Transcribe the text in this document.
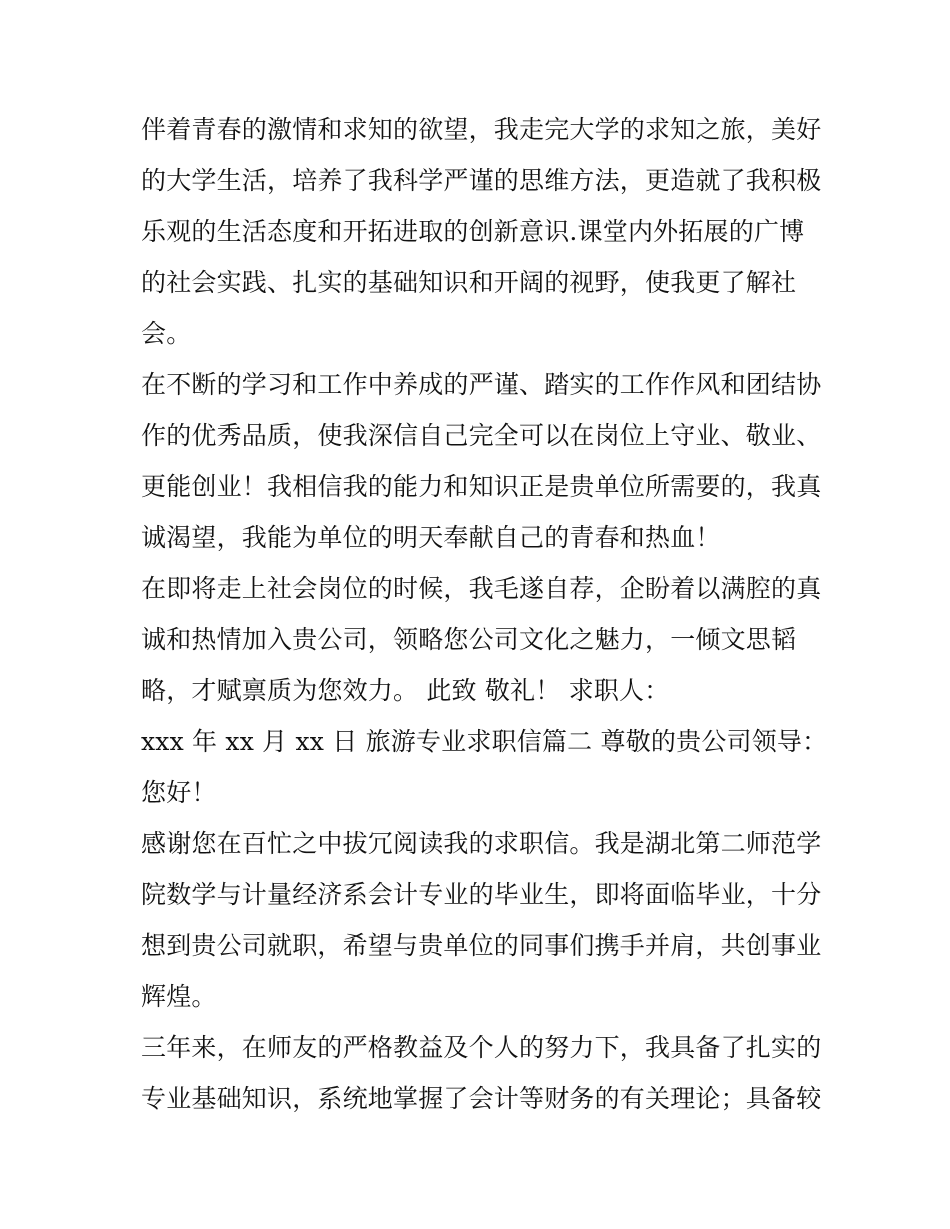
伴着青春的激情和求知的欲望，我走完大学的求知之旅，美好
的大学生活，培养了我科学严谨的思维方法，更造就了我积极
乐观的生活态度和开拓进取的创新意识.课堂内外拓展的广博
的社会实践、扎实的基础知识和开阔的视野，使我更了解社
会。
在不断的学习和工作中养成的严谨、踏实的工作作风和团结协
作的优秀品质，使我深信自己完全可以在岗位上守业、敬业、
更能创业！我相信我的能力和知识正是贵单位所需要的，我真
诚渴望，我能为单位的明天奉献自己的青春和热血！
在即将走上社会岗位的时候，我毛遂自荐，企盼着以满腔的真
诚和热情加入贵公司，领略您公司文化之魅力，一倾文思韬
略，才赋禀质为您效力。 此致 敬礼！ 求职人：
xxx 年 xx 月 xx 日 旅游专业求职信篇二 尊敬的贵公司领导：
您好！
感谢您在百忙之中拔冗阅读我的求职信。我是湖北第二师范学
院数学与计量经济系会计专业的毕业生，即将面临毕业，十分
想到贵公司就职，希望与贵单位的同事们携手并肩，共创事业
辉煌。
三年来，在师友的严格教益及个人的努力下，我具备了扎实的
专业基础知识，系统地掌握了会计等财务的有关理论；具备较
